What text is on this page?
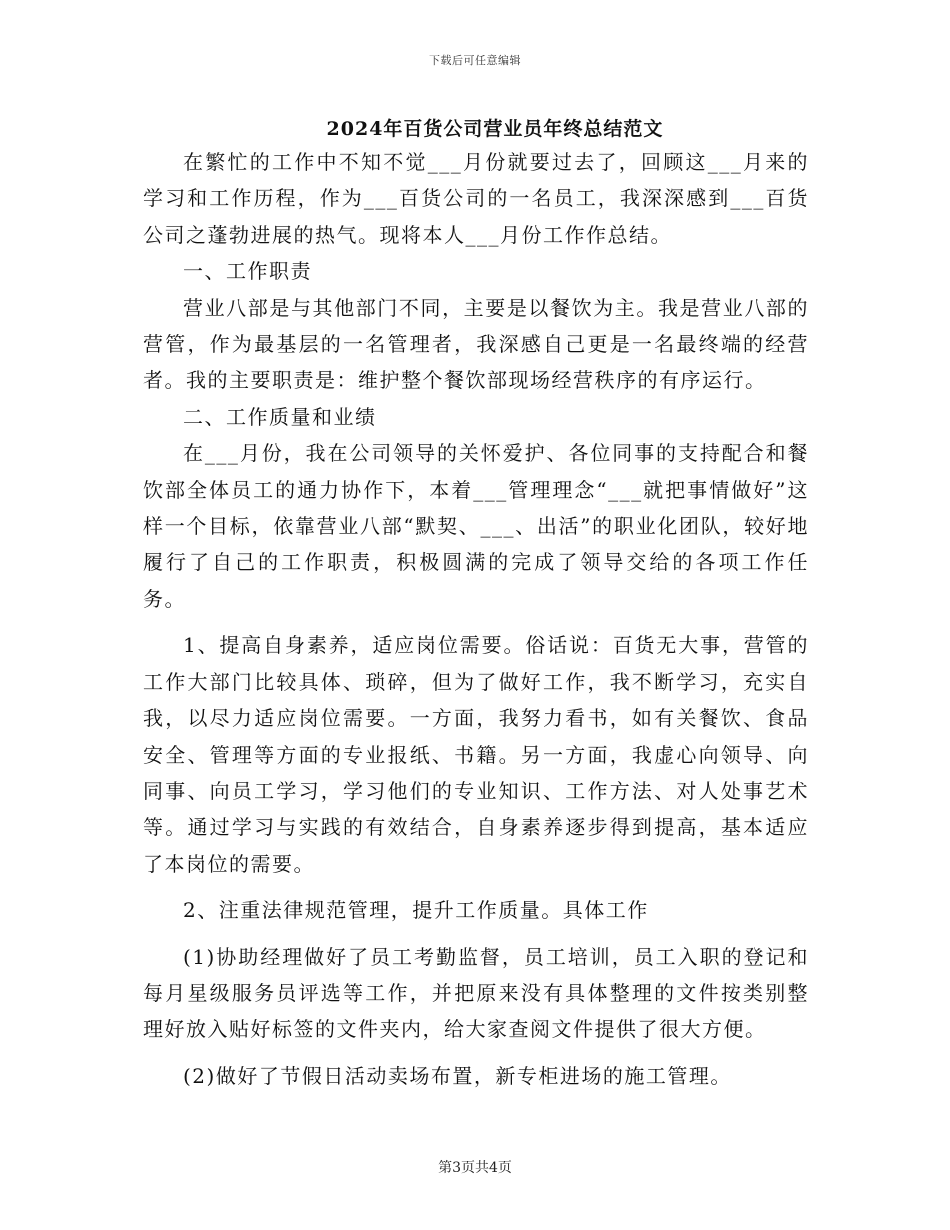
下载后可任意编辑
2024年百货公司营业员年终总结范文

在繁忙的工作中不知不觉___月份就要过去了，回顾这___月来的学习和工作历程，作为___百货公司的一名员工，我深深感到___百货公司之蓬勃进展的热气。现将本人___月份工作作总结。

一、工作职责

营业八部是与其他部门不同，主要是以餐饮为主。我是营业八部的营管，作为最基层的一名管理者，我深感自己更是一名最终端的经营者。我的主要职责是：维护整个餐饮部现场经营秩序的有序运行。

二、工作质量和业绩

在___月份，我在公司领导的关怀爱护、各位同事的支持配合和餐饮部全体员工的通力协作下，本着___管理理念“___就把事情做好”这样一个目标，依靠营业八部“默契、___、出活”的职业化团队，较好地履行了自己的工作职责，积极圆满的完成了领导交给的各项工作任务。

1、提高自身素养，适应岗位需要。俗话说：百货无大事，营管的工作大部门比较具体、琐碎，但为了做好工作，我不断学习，充实自我，以尽力适应岗位需要。一方面，我努力看书，如有关餐饮、食品安全、管理等方面的专业报纸、书籍。另一方面，我虚心向领导、向同事、向员工学习，学习他们的专业知识、工作方法、对人处事艺术等。通过学习与实践的有效结合，自身素养逐步得到提高，基本适应了本岗位的需要。

2、注重法律规范管理，提升工作质量。具体工作

(1)协助经理做好了员工考勤监督，员工培训，员工入职的登记和每月星级服务员评选等工作，并把原来没有具体整理的文件按类别整理好放入贴好标签的文件夹内，给大家查阅文件提供了很大方便。

(2)做好了节假日活动卖场布置，新专柜进场的施工管理。

第3页共4页
